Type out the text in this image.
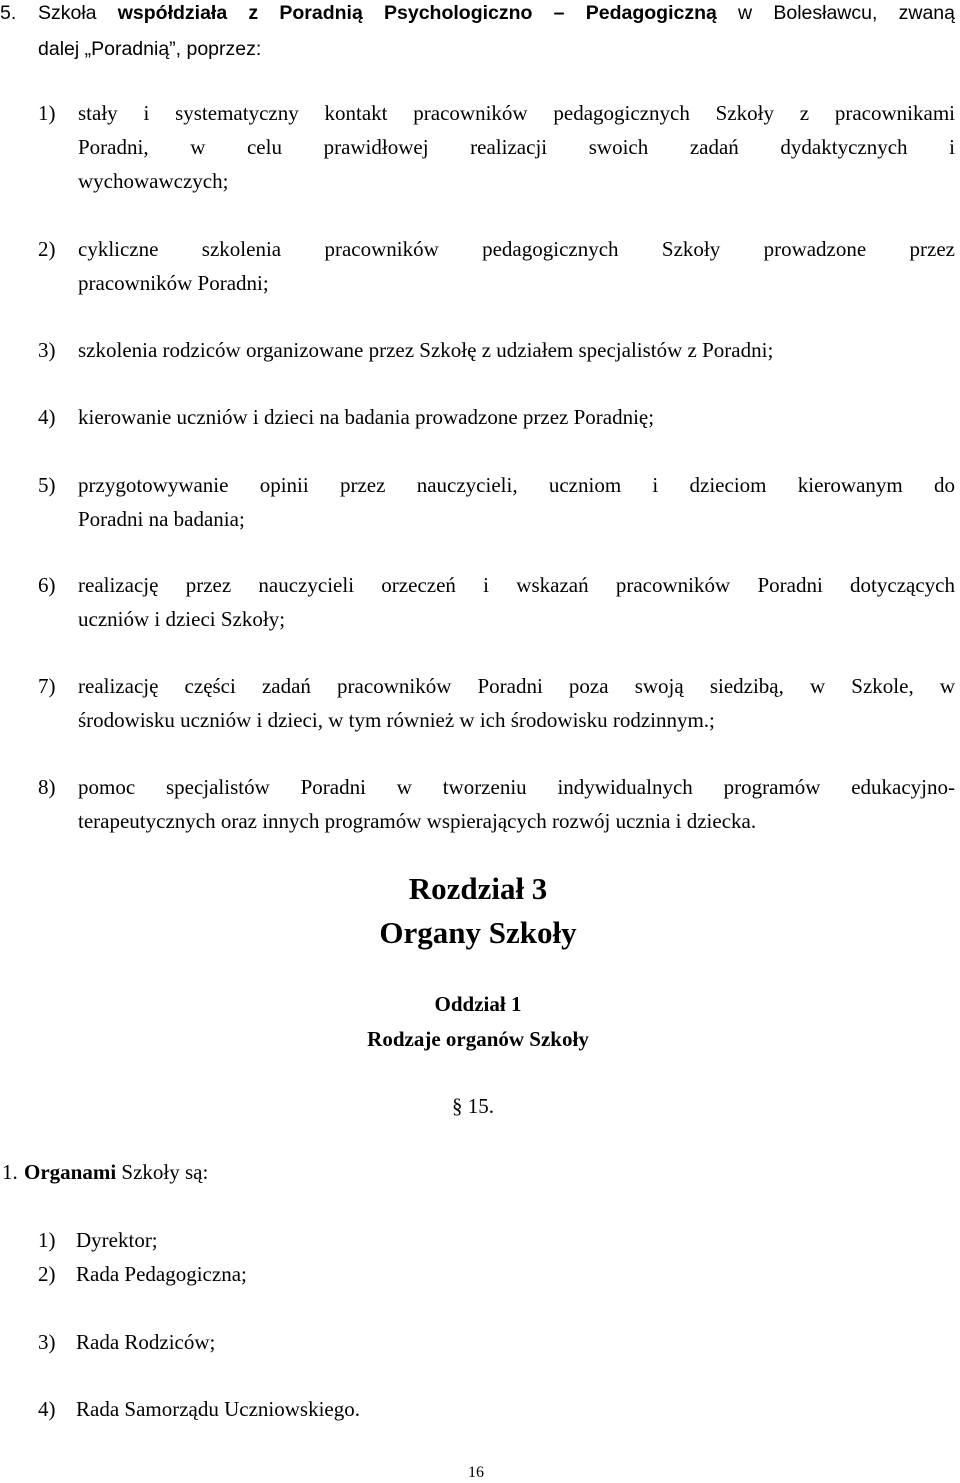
5. Szkoła współdziała z Poradnią Psychologiczno – Pedagogiczną w Bolesławcu, zwaną
dalej „Poradnią”, poprzez:
1) stały i systematyczny kontakt pracowników pedagogicznych Szkoły z pracownikami
Poradni, w celu prawidłowej realizacji swoich zadań dydaktycznych i
wychowawczych;
2) cykliczne szkolenia pracowników pedagogicznych Szkoły prowadzone przez
pracowników Poradni;
3) szkolenia rodziców organizowane przez Szkołę z udziałem specjalistów z Poradni;
4) kierowanie uczniów i dzieci na badania prowadzone przez Poradnię;
5) przygotowywanie opinii przez nauczycieli, uczniom i dzieciom kierowanym do
Poradni na badania;
6) realizację przez nauczycieli orzeczeń i wskazań pracowników Poradni dotyczących
uczniów i dzieci Szkoły;
7) realizację części zadań pracowników Poradni poza swoją siedzibą, w Szkole, w
środowisku uczniów i dzieci, w tym również w ich środowisku rodzinnym.;
8) pomoc specjalistów Poradni w tworzeniu indywidualnych programów edukacyjno-
terapeutycznych oraz innych programów wspierających rozwój ucznia i dziecka.
Rozdział 3
Organy Szkoły
Oddział 1
Rodzaje organów Szkoły
§ 15.
1. Organami Szkoły są:
1) Dyrektor;
2) Rada Pedagogiczna;
3) Rada Rodziców;
4) Rada Samorządu Uczniowskiego.
16
